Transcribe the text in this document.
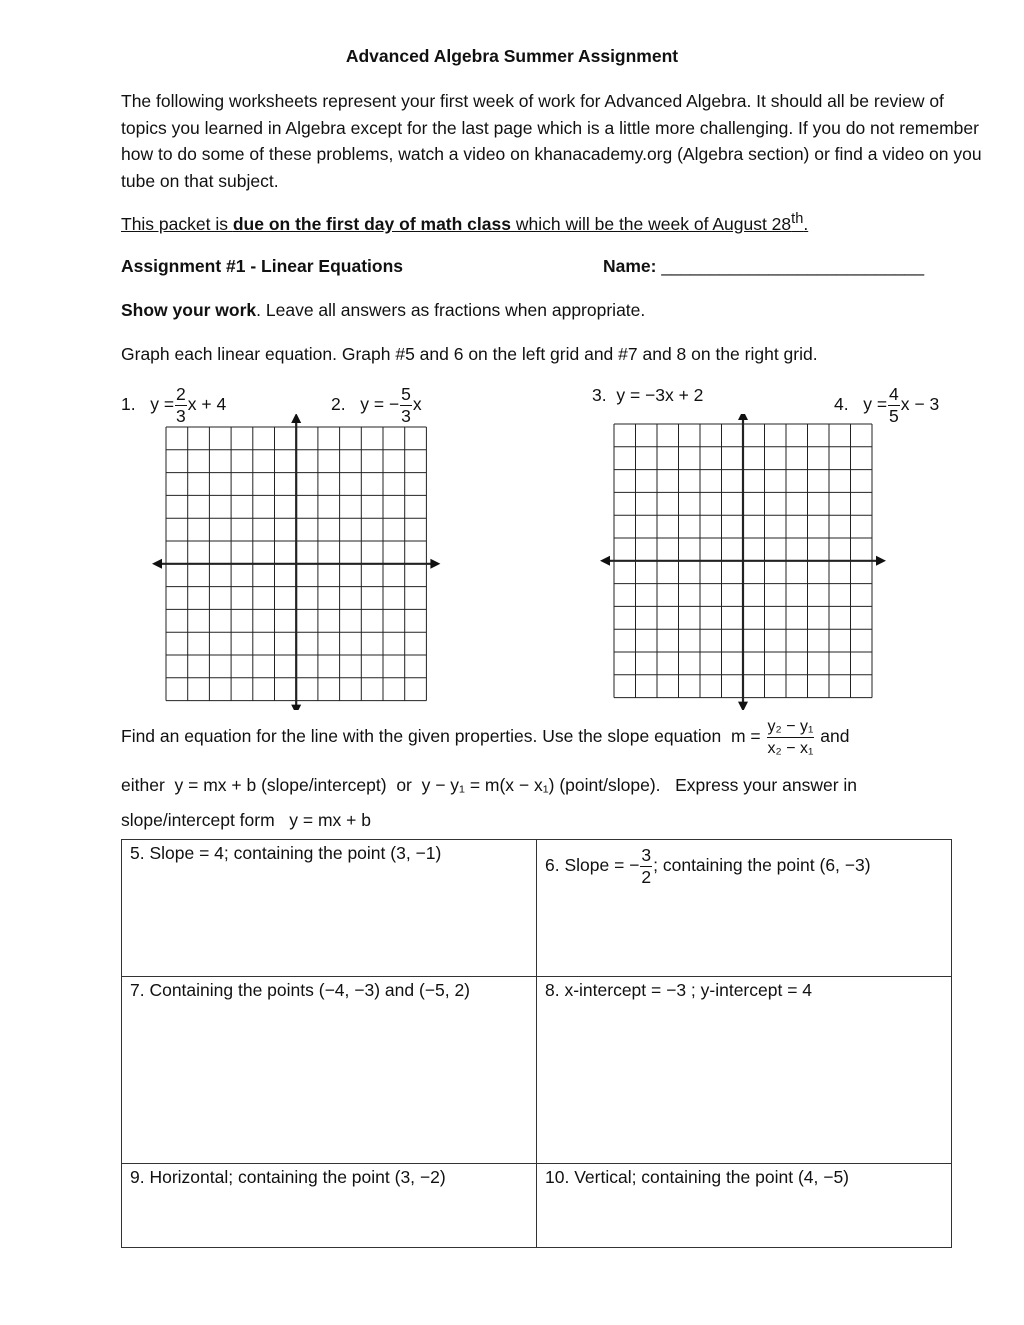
Advanced Algebra Summer Assignment
The following worksheets represent your first week of work for Advanced Algebra. It should all be review of topics you learned in Algebra except for the last page which is a little more challenging. If you do not remember how to do some of these problems, watch a video on khanacademy.org (Algebra section) or find a video on you tube on that subject.
This packet is due on the first day of math class which will be the week of August 28th.
Assignment #1 - Linear Equations	Name: ___________________________
Show your work. Leave all answers as fractions when appropriate.
Graph each linear equation. Graph #5 and 6 on the left grid and #7 and 8 on the right grid.
1. $y = \frac{2}{3}$ x + 4	2. y = − $\frac{5}{3}$ x	3. y = −3x + 2	4. $y = \frac{4}{5}$ x − 3
Find an equation for the line with the given properties. Use the slope equation $m = \frac{\text{y₂ − y₁}}{\text{x₂ − x₁}}$ and
either y = mx + b (slope/intercept) or y − y₁ = m(x − x₁) (point/slope). Express your answer in
slope/intercept form y = mx + b
5. Slope = 4; containing the point (3, −1)	6. Slope = − $\frac{3}{2}$ ; containing the point (6, −3)
7. Containing the points (−4, −3) and (−5, 2)	8. x-intercept = −3 ; y-intercept = 4
9. Horizontal; containing the point (3, −2)	10. Vertical; containing the point (4, −5)
